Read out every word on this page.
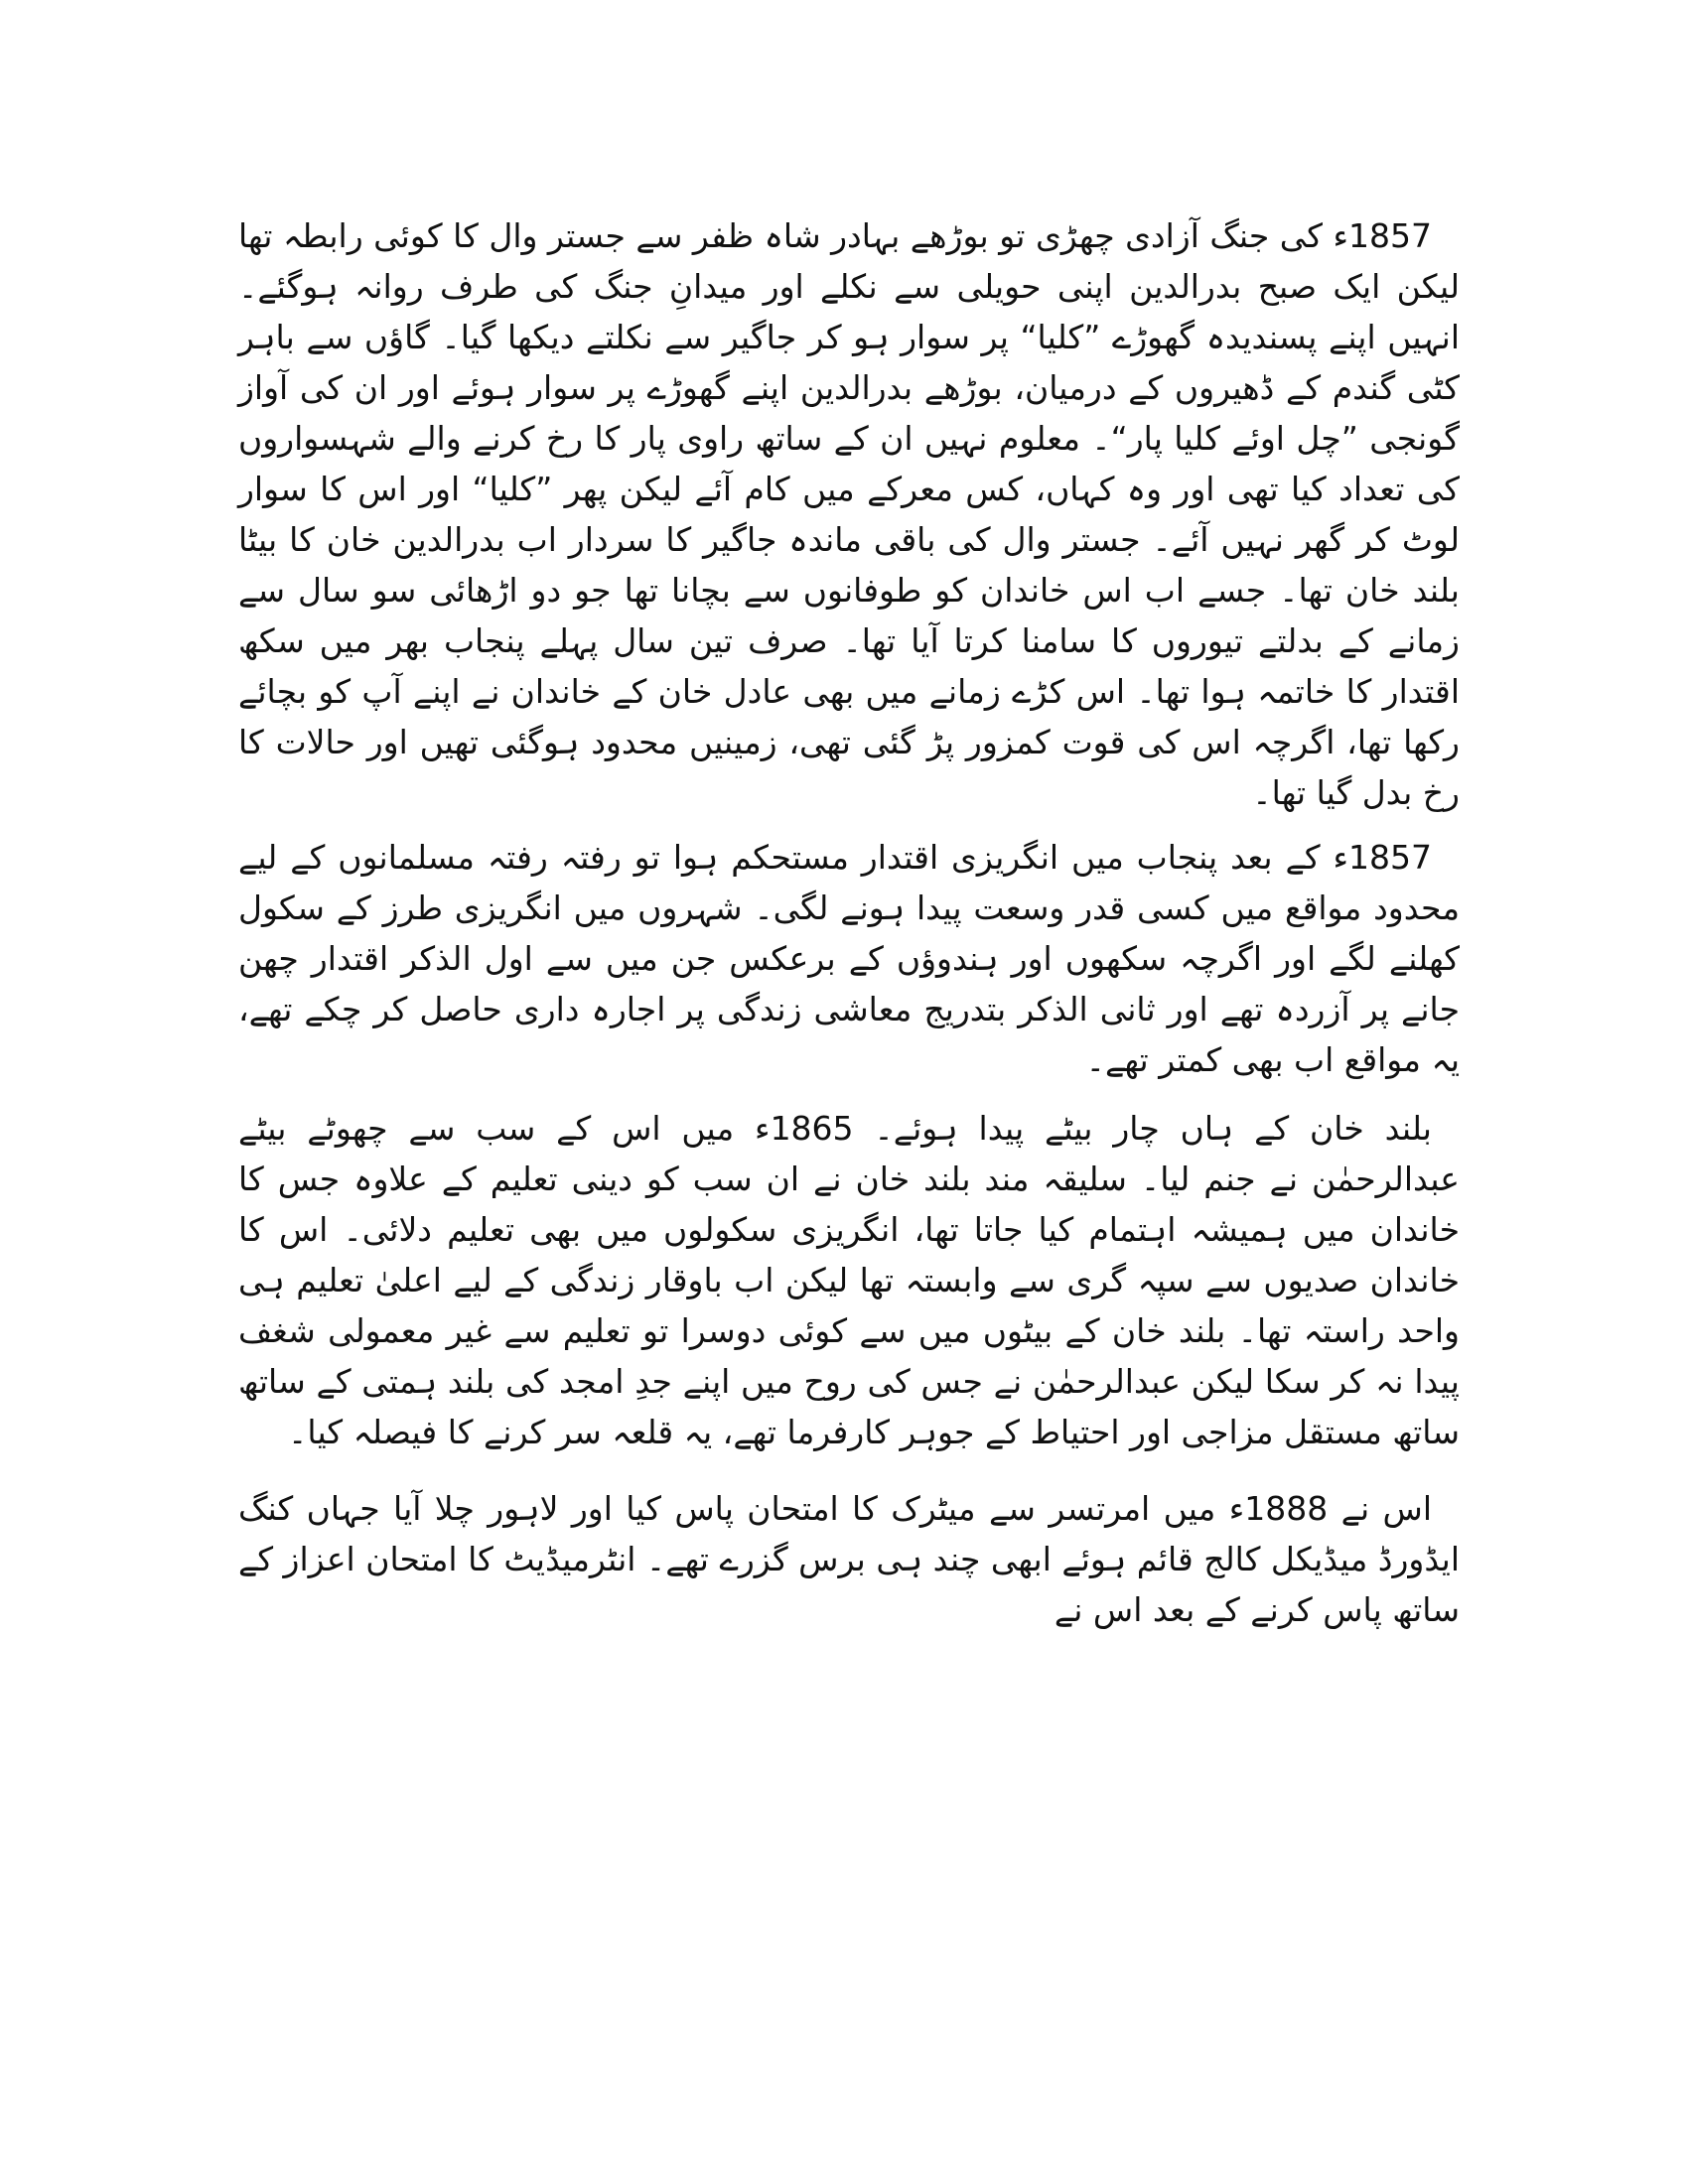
1857ء کی جنگ آزادی چھڑی تو بوڑھے بہادر شاہ ظفر سے جستر وال کا کوئی رابطہ تھا لیکن ایک صبح بدرالدین اپنی حویلی سے نکلے اور میدانِ جنگ کی طرف روانہ ہوگئے۔ انہیں اپنے پسندیدہ گھوڑے ”کلیا“ پر سوار ہو کر جاگیر سے نکلتے دیکھا گیا۔ گاؤں سے باہر کٹی گندم کے ڈھیروں کے درمیان، بوڑھے بدرالدین اپنے گھوڑے پر سوار ہوئے اور ان کی آواز گونجی ”چل اوئے کلیا پار“۔ معلوم نہیں ان کے ساتھ راوی پار کا رخ کرنے والے شہسواروں کی تعداد کیا تھی اور وہ کہاں، کس معرکے میں کام آئے لیکن پھر ”کلیا“ اور اس کا سوار لوٹ کر گھر نہیں آئے۔ جستر وال کی باقی ماندہ جاگیر کا سردار اب بدرالدین خان کا بیٹا بلند خان تھا۔ جسے اب اس خاندان کو طوفانوں سے بچانا تھا جو دو اڑھائی سو سال سے زمانے کے بدلتے تیوروں کا سامنا کرتا آیا تھا۔ صرف تین سال پہلے پنجاب بھر میں سکھ اقتدار کا خاتمہ ہوا تھا۔ اس کڑے زمانے میں بھی عادل خان کے خاندان نے اپنے آپ کو بچائے رکھا تھا، اگرچہ اس کی قوت کمزور پڑ گئی تھی، زمینیں محدود ہوگئی تھیں اور حالات کا رخ بدل گیا تھا۔

1857ء کے بعد پنجاب میں انگریزی اقتدار مستحکم ہوا تو رفتہ رفتہ مسلمانوں کے لیے محدود مواقع میں کسی قدر وسعت پیدا ہونے لگی۔ شہروں میں انگریزی طرز کے سکول کھلنے لگے اور اگرچہ سکھوں اور ہندوؤں کے برعکس جن میں سے اول الذکر اقتدار چھن جانے پر آزردہ تھے اور ثانی الذکر بتدریج معاشی زندگی پر اجارہ داری حاصل کر چکے تھے، یہ مواقع اب بھی کمتر تھے۔

بلند خان کے ہاں چار بیٹے پیدا ہوئے۔ 1865ء میں اس کے سب سے چھوٹے بیٹے عبدالرحمٰن نے جنم لیا۔ سلیقہ مند بلند خان نے ان سب کو دینی تعلیم کے علاوہ جس کا خاندان میں ہمیشہ اہتمام کیا جاتا تھا، انگریزی سکولوں میں بھی تعلیم دلائی۔ اس کا خاندان صدیوں سے سپہ گری سے وابستہ تھا لیکن اب باوقار زندگی کے لیے اعلیٰ تعلیم ہی واحد راستہ تھا۔ بلند خان کے بیٹوں میں سے کوئی دوسرا تو تعلیم سے غیر معمولی شغف پیدا نہ کر سکا لیکن عبدالرحمٰن نے جس کی روح میں اپنے جدِ امجد کی بلند ہمتی کے ساتھ ساتھ مستقل مزاجی اور احتیاط کے جوہر کارفرما تھے، یہ قلعہ سر کرنے کا فیصلہ کیا۔

اس نے 1888ء میں امرتسر سے میٹرک کا امتحان پاس کیا اور لاہور چلا آیا جہاں کنگ ایڈورڈ میڈیکل کالج قائم ہوئے ابھی چند ہی برس گزرے تھے۔ انٹرمیڈیٹ کا امتحان اعزاز کے ساتھ پاس کرنے کے بعد اس نے
